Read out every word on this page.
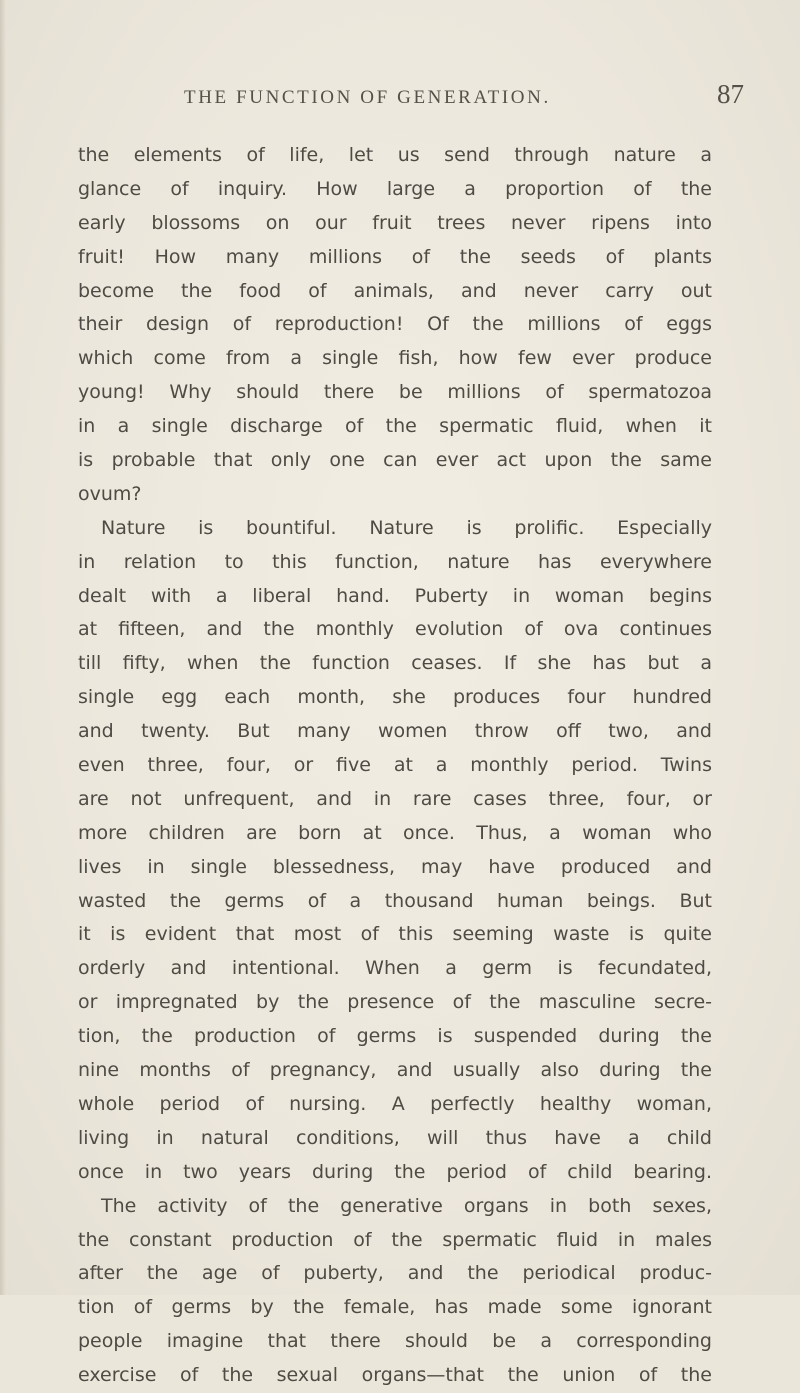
THE FUNCTION OF GENERATION.	87
the elements of life, let us send through nature a
glance of inquiry. How large a proportion of the
early blossoms on our fruit trees never ripens into
fruit! How many millions of the seeds of plants
become the food of animals, and never carry out
their design of reproduction! Of the millions of eggs
which come from a single fish, how few ever produce
young! Why should there be millions of spermatozoa
in a single discharge of the spermatic fluid, when it
is probable that only one can ever act upon the same
ovum?
Nature is bountiful. Nature is prolific. Especially
in relation to this function, nature has everywhere
dealt with a liberal hand. Puberty in woman begins
at fifteen, and the monthly evolution of ova continues
till fifty, when the function ceases. If she has but a
single egg each month, she produces four hundred
and twenty. But many women throw off two, and
even three, four, or five at a monthly period. Twins
are not unfrequent, and in rare cases three, four, or
more children are born at once. Thus, a woman who
lives in single blessedness, may have produced and
wasted the germs of a thousand human beings. But
it is evident that most of this seeming waste is quite
orderly and intentional. When a germ is fecundated,
or impregnated by the presence of the masculine secre-
tion, the production of germs is suspended during the
nine months of pregnancy, and usually also during the
whole period of nursing. A perfectly healthy woman,
living in natural conditions, will thus have a child
once in two years during the period of child bearing.
The activity of the generative organs in both sexes,
the constant production of the spermatic fluid in males
after the age of puberty, and the periodical produc-
tion of germs by the female, has made some ignorant
people imagine that there should be a corresponding
exercise of the sexual organs—that the union of the
